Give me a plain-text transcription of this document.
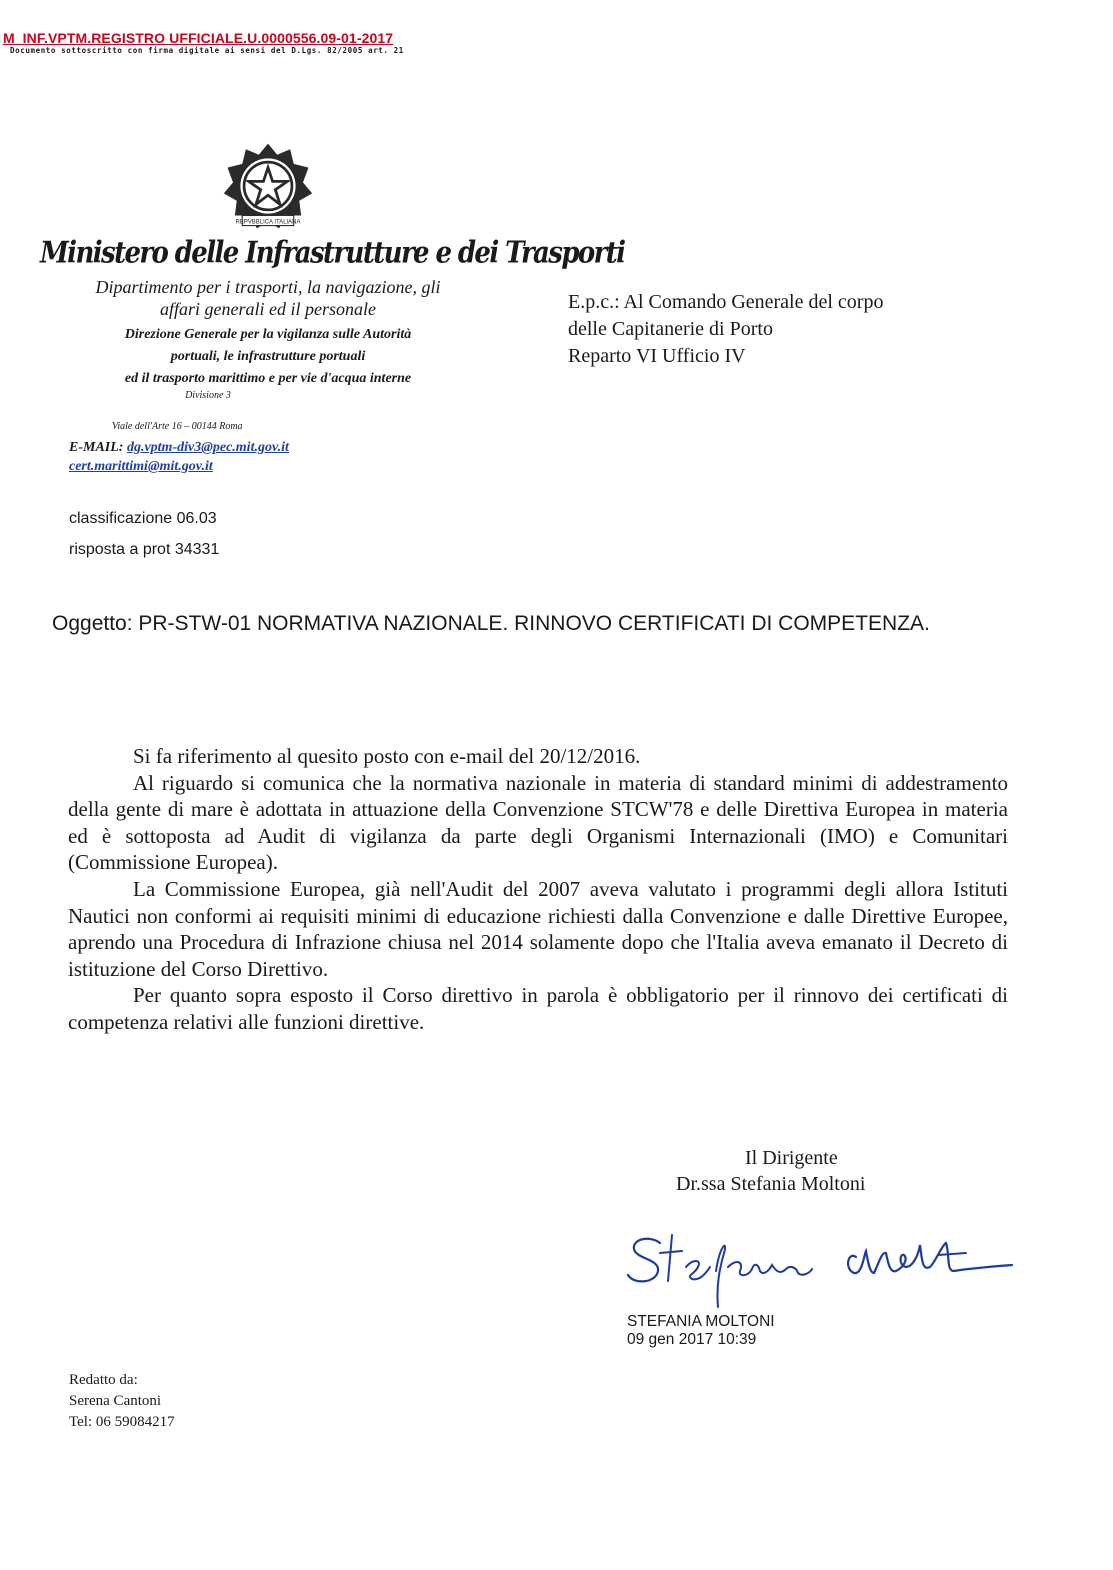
M_INF.VPTM.REGISTRO UFFICIALE.U.0000556.09-01-2017
Documento sottoscritto con firma digitale ai sensi del D.Lgs. 82/2005 art. 21
REPVBBLICA ITALIANA
Ministero delle Infrastrutture e dei Trasporti
Dipartimento per i trasporti, la navigazione, gli
affari generali ed il personale
Direzione Generale per la vigilanza sulle Autorità
portuali, le infrastrutture portuali
ed il trasporto marittimo e per vie d'acqua interne
Divisione 3
Viale dell'Arte 16 – 00144 Roma
E-MAIL: dg.vptm-div3@pec.mit.gov.it
cert.marittimi@mit.gov.it
E.p.c.: Al Comando Generale del corpo
delle Capitanerie di Porto
Reparto VI Ufficio IV
classificazione 06.03
risposta a prot 34331
Oggetto: PR-STW-01 NORMATIVA NAZIONALE. RINNOVO CERTIFICATI DI COMPETENZA.

Si fa riferimento al quesito posto con e-mail del 20/12/2016.

Al riguardo si comunica che la normativa nazionale in materia di standard minimi di addestramento della gente di mare è adottata in attuazione della Convenzione STCW'78 e delle Direttiva Europea in materia ed è sottoposta ad Audit di vigilanza da parte degli Organismi Internazionali (IMO) e Comunitari (Commissione Europea).

La Commissione Europea, già nell'Audit del 2007 aveva valutato i programmi degli allora Istituti Nautici non conformi ai requisiti minimi di educazione richiesti dalla Convenzione e dalle Direttive Europee, aprendo una Procedura di Infrazione chiusa nel 2014 solamente dopo che l'Italia aveva emanato il Decreto di istituzione del Corso Direttivo.

Per quanto sopra esposto il Corso direttivo in parola è obbligatorio per il rinnovo dei certificati di competenza relativi alle funzioni direttive.

Il Dirigente
Dr.ssa Stefania Moltoni
STEFANIA MOLTONI
09 gen 2017 10:39
Redatto da:
Serena Cantoni
Tel: 06 59084217
